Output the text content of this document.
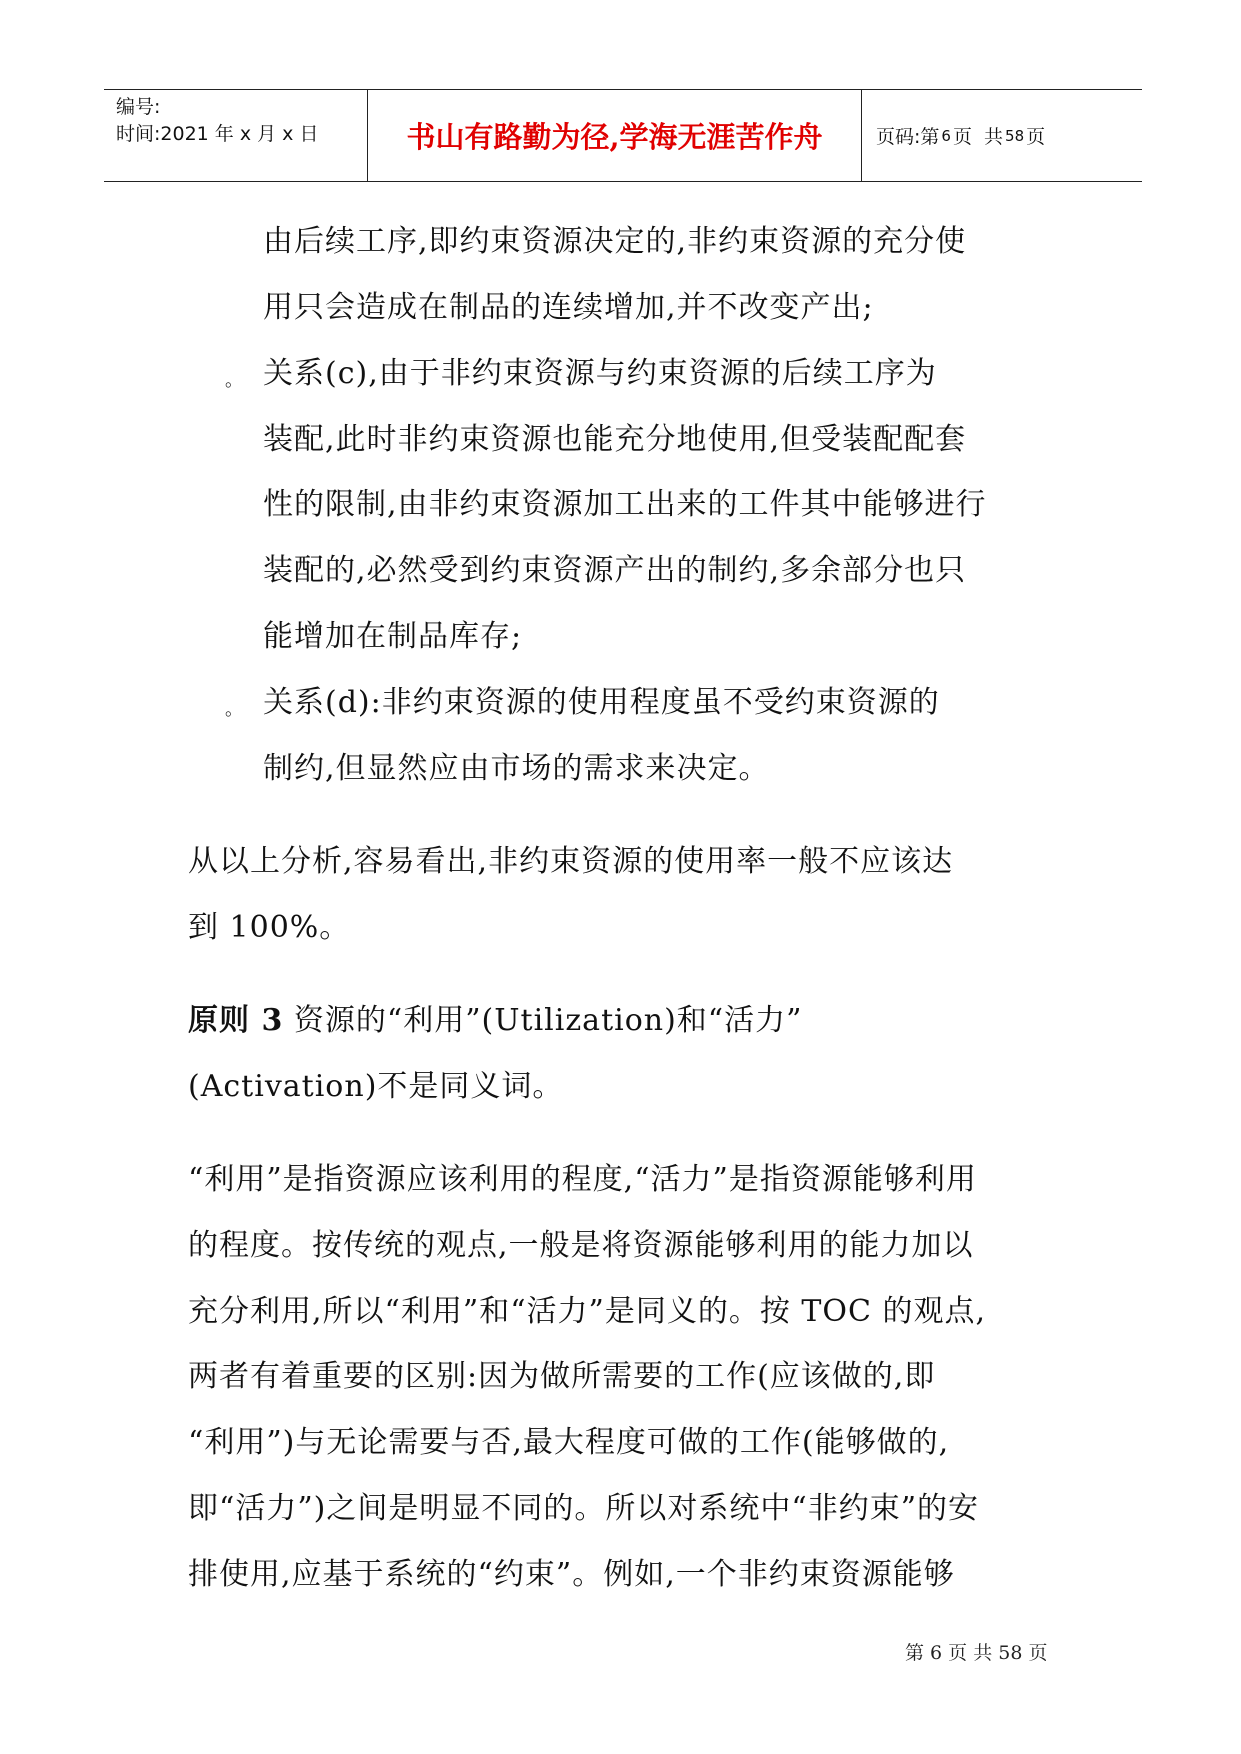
编号:
时间:2021 年 x 月 x 日	书山有路勤为径,学海无涯苦作舟	页码:第 6 页  共 58 页
由后续工序,即约束资源决定的,非约束资源的充分使
用只会造成在制品的连续增加,并不改变产出;
。 关系(c),由于非约束资源与约束资源的后续工序为
装配,此时非约束资源也能充分地使用,但受装配配套
性的限制,由非约束资源加工出来的工件其中能够进行
装配的,必然受到约束资源产出的制约,多余部分也只
能增加在制品库存;
。 关系(d):非约束资源的使用程度虽不受约束资源的
制约,但显然应由市场的需求来决定。
从以上分析,容易看出,非约束资源的使用率一般不应该达
到 100%。
原则 3 资源的“利用”(Utilization)和“活力”
(Activation)不是同义词。
“利用”是指资源应该利用的程度,“活力”是指资源能够利用
的程度。按传统的观点,一般是将资源能够利用的能力加以
充分利用,所以“利用”和“活力”是同义的。按 TOC 的观点,
两者有着重要的区别:因为做所需要的工作(应该做的,即
“利用”)与无论需要与否,最大程度可做的工作(能够做的,
即“活力”)之间是明显不同的。所以对系统中“非约束”的安
排使用,应基于系统的“约束”。例如,一个非约束资源能够
第 6 页 共 58 页
